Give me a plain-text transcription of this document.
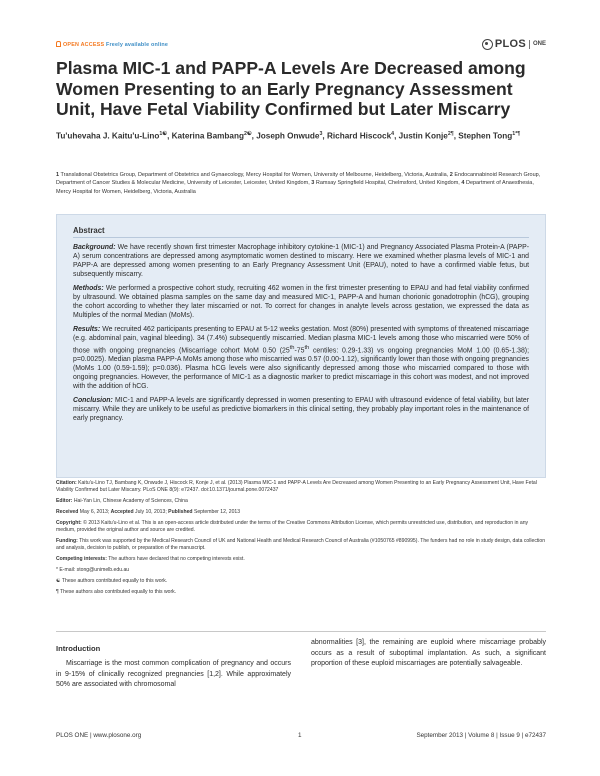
OPEN ACCESS Freely available online	PLOS ONE
Plasma MIC-1 and PAPP-A Levels Are Decreased among Women Presenting to an Early Pregnancy Assessment Unit, Have Fetal Viability Confirmed but Later Miscarry
Tu'uhevaha J. Kaitu'u-Lino$^{1☯}$, Katerina Bambang$^{2☯}$, Joseph Onwude$^3$, Richard Hiscock$^4$, Justin Konje$^{2\P}$, Stephen Tong$^{1*\P}$
1 Translational Obstetrics Group, Department of Obstetrics and Gynaecology, Mercy Hospital for Women, University of Melbourne, Heidelberg, Victoria, Australia, 2 Endocannabinoid Research Group, Department of Cancer Studies & Molecular Medicine, University of Leicester, Leicester, United Kingdom, 3 Ramsay Springfield Hospital, Chelmsford, United Kingdom, 4 Department of Anaesthesia, Mercy Hospital for Women, Heidelberg, Victoria, Australia
Abstract

Background: We have recently shown first trimester Macrophage inhibitory cytokine-1 (MIC-1) and Pregnancy Associated Plasma Protein-A (PAPP-A) serum concentrations are depressed among asymptomatic women destined to miscarry. Here we examined whether plasma levels of MIC-1 and PAPP-A are depressed among women presenting to an Early Pregnancy Assessment Unit (EPAU), noted to have a confirmed viable fetus, but subsequently miscarry.

Methods: We performed a prospective cohort study, recruiting 462 women in the first trimester presenting to EPAU and had fetal viability confirmed by ultrasound. We obtained plasma samples on the same day and measured MIC-1, PAPP-A and human chorionic gonadotrophin (hCG), grouping the cohort according to whether they later miscarried or not. To correct for changes in analyte levels across gestation, we expressed the data as Multiples of the normal Median (MoMs).

Results: We recruited 462 participants presenting to EPAU at 5-12 weeks gestation. Most (80%) presented with symptoms of threatened miscarriage (e.g. abdominal pain, vaginal bleeding). 34 (7.4%) subsequently miscarried. Median plasma MIC-1 levels among those who miscarried were 50% of those with ongoing pregnancies (Miscarriage cohort MoM 0.50 (25th-75th centiles: 0.29-1.33) vs ongoing pregnancies MoM 1.00 (0.65-1.38); p=0.0025). Median plasma PAPP-A MoMs among those who miscarried was 0.57 (0.00-1.12), significantly lower than those with ongoing pregnancies (MoMs 1.00 (0.59-1.59); p=0.036). Plasma hCG levels were also significantly depressed among those who miscarried compared to those with ongoing pregnancies. However, the performance of MIC-1 as a diagnostic marker to predict miscarriage in this cohort was modest, and not improved with the addition of hCG.

Conclusion: MIC-1 and PAPP-A levels are significantly depressed in women presenting to EPAU with ultrasound evidence of fetal viability, but later miscarry. While they are unlikely to be useful as predictive biomarkers in this clinical setting, they probably play important roles in the maintenance of early pregnancy.

Citation: Kaitu'u-Lino TJ, Bambang K, Onwude J, Hiscock R, Konje J, et al. (2013) Plasma MIC-1 and PAPP-A Levels Are Decreased among Women Presenting to an Early Pregnancy Assessment Unit, Have Fetal Viability Confirmed but Later Miscarry. PLoS ONE 8(9): e72437. doi:10.1371/journal.pone.0072437

Editor: Hai-Yan Lin, Chinese Academy of Sciences, China

Received May 6, 2013; Accepted July 10, 2013; Published September 12, 2013

Copyright: © 2013 Kaitu'u-Lino et al. This is an open-access article distributed under the terms of the Creative Commons Attribution License, which permits unrestricted use, distribution, and reproduction in any medium, provided the original author and source are credited.

Funding: This work was supported by the Medical Research Council of UK and National Health and Medical Research Council of Australia (#1050765 #890995). The funders had no role in study design, data collection and analysis, decision to publish, or preparation of the manuscript.

Competing interests: The authors have declared that no competing interests exist.

* E-mail: stong@unimelb.edu.au

☯ These authors contributed equally to this work.

¶ These authors also contributed equally to this work.

Introduction
Miscarriage is the most common complication of pregnancy and occurs in 9-15% of clinically recognized pregnancies [1,2]. While approximately 50% are associated with chromosomal
abnormalities [3], the remaining are euploid where miscarriage probably occurs as a result of suboptimal implantation. As such, a significant proportion of these euploid miscarriages are potentially salvageable.
PLOS ONE | www.plosone.org	1	September 2013 | Volume 8 | Issue 9 | e72437
